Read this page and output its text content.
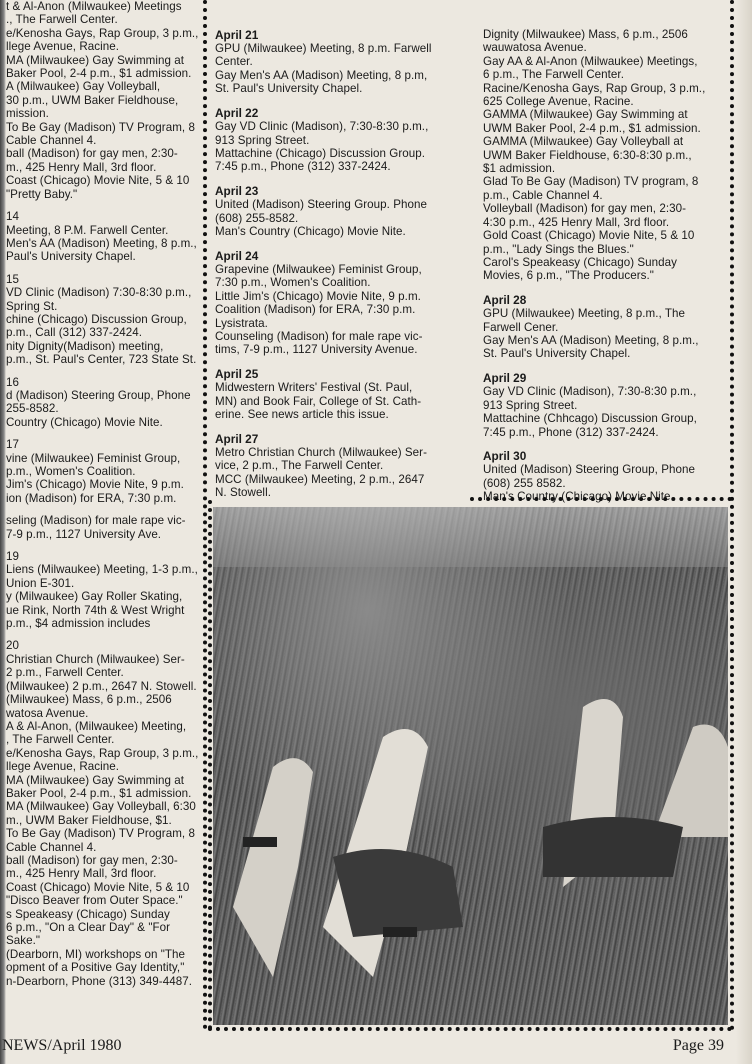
t & Al-Anon (Milwaukee) Meetings
., The Farwell Center.
e/Kenosha Gays, Rap Group, 3 p.m.,
llege Avenue, Racine.
MA (Milwaukee) Gay Swimming at
Baker Pool, 2-4 p.m., $1 admission.
A (Milwaukee) Gay Volleyball,
30 p.m., UWM Baker Fieldhouse,
mission.
To Be Gay (Madison) TV Program, 8
Cable Channel 4.
ball (Madison) for gay men, 2:30-
m., 425 Henry Mall, 3rd floor.
Coast (Chicago) Movie Nite, 5 & 10
"Pretty Baby."
14
Meeting, 8 P.M. Farwell Center.
Men's AA (Madison) Meeting, 8 p.m.,
Paul's University Chapel.
15
VD Clinic (Madison) 7:30-8:30 p.m.,
Spring St.
chine (Chicago) Discussion Group,
p.m., Call (312) 337-2424.
nity Dignity(Madison) meeting,
p.m., St. Paul's Center, 723 State St.
16
d (Madison) Steering Group, Phone
255-8582.
Country (Chicago) Movie Nite.
17
vine (Milwaukee) Feminist Group,
p.m., Women's Coalition.
Jim's (Chicago) Movie Nite, 9 p.m.
ion (Madison) for ERA, 7:30 p.m.
seling (Madison) for male rape vic-
7-9 p.m., 1127 University Ave.
19
Liens (Milwaukee) Meeting, 1-3 p.m.,
Union E-301.
y (Milwaukee) Gay Roller Skating,
ue Rink, North 74th & West Wright
p.m., $4 admission includes
20
Christian Church (Milwaukee) Ser-
2 p.m., Farwell Center.
(Milwaukee) 2 p.m., 2647 N. Stowell.
(Milwaukee) Mass, 6 p.m., 2506
watosa Avenue.
A & Al-Anon, (Milwaukee) Meeting,
, The Farwell Center.
e/Kenosha Gays, Rap Group, 3 p.m.,
llege Avenue, Racine.
MA (Milwaukee) Gay Swimming at
Baker Pool, 2-4 p.m., $1 admission.
MA (Milwaukee) Gay Volleyball, 6:30
m., UWM Baker Fieldhouse, $1.
To Be Gay (Madison) TV Program, 8
Cable Channel 4.
ball (Madison) for gay men, 2:30-
m., 425 Henry Mall, 3rd floor.
Coast (Chicago) Movie Nite, 5 & 10
"Disco Beaver from Outer Space."
s Speakeasy (Chicago) Sunday
6 p.m., "On a Clear Day" & "For
Sake."
(Dearborn, MI) workshops on "The
opment of a Positive Gay Identity,"
n-Dearborn, Phone (313) 349-4487.
April 21
GPU (Milwaukee) Meeting, 8 p.m. Farwell
Center.
Gay Men's AA (Madison) Meeting, 8 p.m,
St. Paul's University Chapel.
April 22
Gay VD Clinic (Madison), 7:30-8:30 p.m.,
913 Spring Street.
Mattachine (Chicago) Discussion Group.
7:45 p.m., Phone (312) 337-2424.
April 23
United (Madison) Steering Group. Phone
(608) 255-8582.
Man's Country (Chicago) Movie Nite.
April 24
Grapevine (Milwaukee) Feminist Group,
7:30 p.m., Women's Coalition.
Little Jim's (Chicago) Movie Nite, 9 p.m.
Coalition (Madison) for ERA, 7:30 p.m.
Lysistrata.
Counseling (Madison) for male rape vic-
tims, 7-9 p.m., 1127 University Avenue.
April 25
Midwestern Writers' Festival (St. Paul,
MN) and Book Fair, College of St. Cath-
erine. See news article this issue.
April 27
Metro Christian Church (Milwaukee) Ser-
vice, 2 p.m., The Farwell Center.
MCC (Milwaukee) Meeting, 2 p.m., 2647
N. Stowell.
Dignity (Milwaukee) Mass, 6 p.m., 2506
wauwatosa Avenue.
Gay AA & Al-Anon (Milwaukee) Meetings,
6 p.m., The Farwell Center.
Racine/Kenosha Gays, Rap Group, 3 p.m.,
625 College Avenue, Racine.
GAMMA (Milwaukee) Gay Swimming at
UWM Baker Pool, 2-4 p.m., $1 admission.
GAMMA (Milwaukee) Gay Volleyball at
UWM Baker Fieldhouse, 6:30-8:30 p.m.,
$1 admission.
Glad To Be Gay (Madison) TV program, 8
p.m., Cable Channel 4.
Volleyball (Madison) for gay men, 2:30-
4:30 p.m., 425 Henry Mall, 3rd floor.
Gold Coast (Chicago) Movie Nite, 5 & 10
p.m., "Lady Sings the Blues."
Carol's Speakeasy (Chicago) Sunday
Movies, 6 p.m., "The Producers."
April 28
GPU (Milwaukee) Meeting, 8 p.m., The
Farwell Cener.
Gay Men's AA (Madison) Meeting, 8 p.m.,
St. Paul's University Chapel.
April 29
Gay VD Clinic (Madison), 7:30-8:30 p.m.,
913 Spring Street.
Mattachine (Chhcago) Discussion Group,
7:45 p.m., Phone (312) 337-2424.
April 30
United (Madison) Steering Group, Phone
(608) 255 8582.
Man's Country (Chicago) Movie Nite.
NEWS/April 1980	Page 39
